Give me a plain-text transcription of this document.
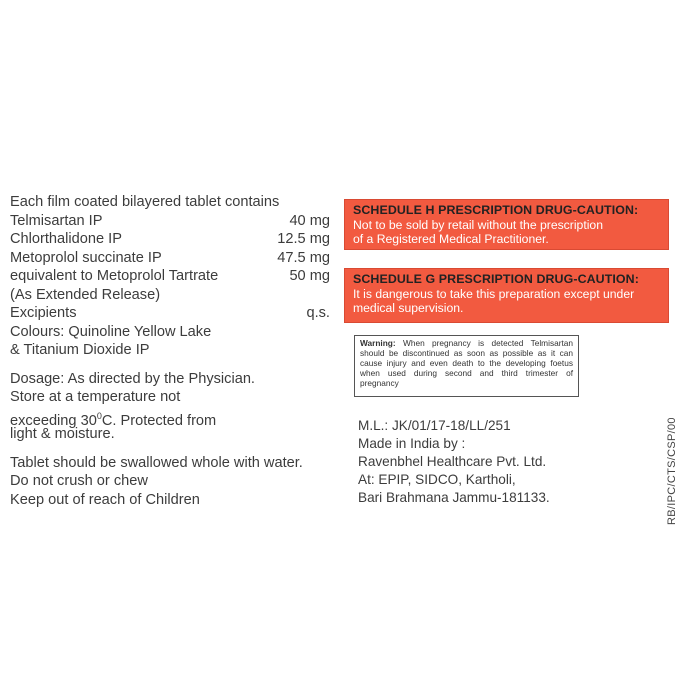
Each film coated bilayered tablet contains
Telmisartan IP	40 mg
Chlorthalidone IP	12.5 mg
Metoprolol succinate IP	47.5 mg
equivalent to Metoprolol Tartrate	50 mg
(As Extended Release)
Excipients	q.s.
Colours: Quinoline Yellow Lake
& Titanium Dioxide IP
Dosage: As directed by the Physician.
Store at a temperature not
exceeding $30^0C$. Protected from
light & moisture.
Tablet should be swallowed whole with water.
Do not crush or chew
Keep out of reach of Children
SCHEDULE H PRESCRIPTION DRUG-CAUTION:
Not to be sold by retail without the prescription
of a Registered Medical Practitioner.
SCHEDULE G PRESCRIPTION DRUG-CAUTION:
It is dangerous to take this preparation except under
medical supervision.
Warning: When pregnancy is detected Telmisartan should be discontinued as soon as possible as it can cause injury and even death to the developing foetus when used during second and third trimester of pregnancy
M.L.: JK/01/17-18/LL/251
Made in India by :
Ravenbhel Healthcare Pvt. Ltd.
At: EPIP, SIDCO, Kartholi,
Bari Brahmana Jammu-181133.	RB/IPC/CTS/CSP/00
